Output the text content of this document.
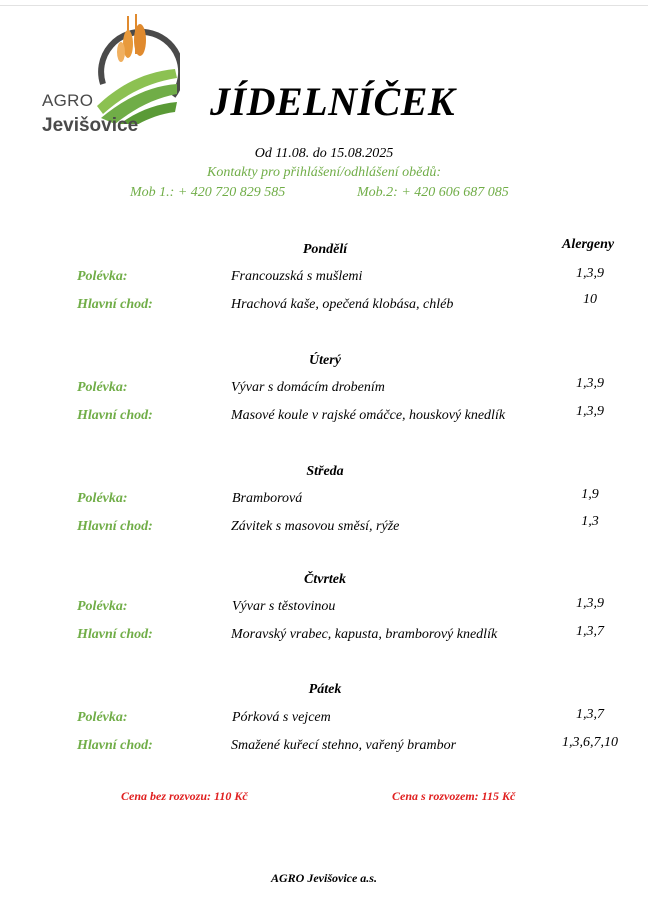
AGRO
Jevišovice
JÍDELNÍČEK
Od 11.08. do 15.08.2025
Kontakty pro přihlášení/odhlášení obědů:
Mob 1.: + 420 720 829 585	Mob.2: + 420 606 687 085
Alergeny
Pondělí
Polévka:	Francouzská s mušlemi	1,3,9
Hlavní chod:	Hrachová kaše, opečená klobása, chléb	10
Úterý
Polévka:	Vývar s domácím drobením	1,3,9
Hlavní chod:	Masové koule v rajské omáčce, houskový knedlík	1,3,9
Středa
Polévka:	Bramborová	1,9
Hlavní chod:	Závitek s masovou směsí, rýže	1,3
Čtvrtek
Polévka:	Vývar s těstovinou	1,3,9
Hlavní chod:	Moravský vrabec, kapusta, bramborový knedlík	1,3,7
Pátek
Polévka:	Pórková s vejcem	1,3,7
Hlavní chod:	Smažené kuřecí stehno, vařený brambor	1,3,6,7,10
Cena bez rozvozu: 110 Kč	Cena s rozvozem: 115 Kč
AGRO Jevišovice a.s.
